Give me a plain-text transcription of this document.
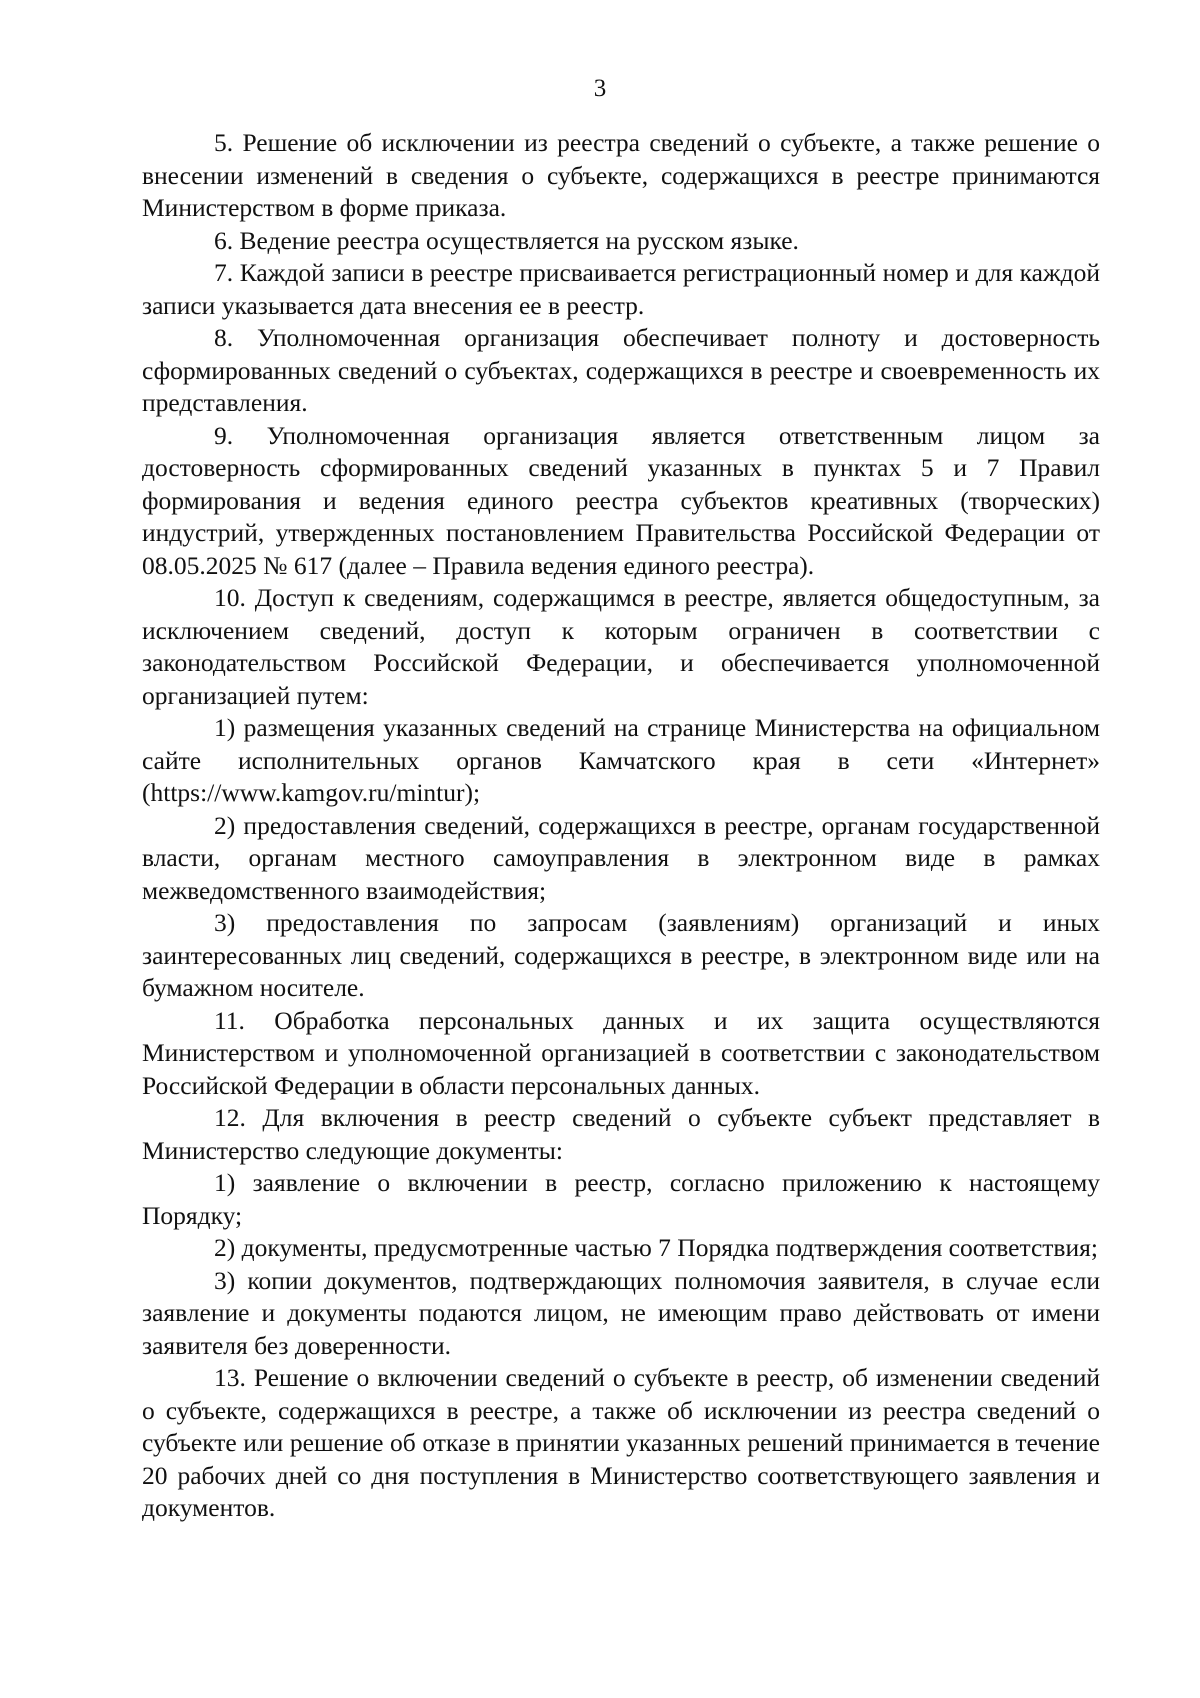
3

5. Решение об исключении из реестра сведений о субъекте, а также решение о внесении изменений в сведения о субъекте, содержащихся в реестре принимаются Министерством в форме приказа.

6. Ведение реестра осуществляется на русском языке.

7. Каждой записи в реестре присваивается регистрационный номер и для каждой записи указывается дата внесения ее в реестр.

8. Уполномоченная организация обеспечивает полноту и достоверность сформированных сведений о субъектах, содержащихся в реестре и своевременность их представления.

9. Уполномоченная организация является ответственным лицом за достоверность сформированных сведений указанных в пунктах 5 и 7 Правил формирования и ведения единого реестра субъектов креативных (творческих) индустрий, утвержденных постановлением Правительства Российской Федерации от 08.05.2025 № 617 (далее – Правила ведения единого реестра).

10. Доступ к сведениям, содержащимся в реестре, является общедоступным, за исключением сведений, доступ к которым ограничен в соответствии с законодательством Российской Федерации, и обеспечивается уполномоченной организацией путем:

1) размещения указанных сведений на странице Министерства на официальном сайте исполнительных органов Камчатского края в сети «Интернет» (https://www.kamgov.ru/mintur);

2) предоставления сведений, содержащихся в реестре, органам государственной власти, органам местного самоуправления в электронном виде в рамках межведомственного взаимодействия;

3) предоставления по запросам (заявлениям) организаций и иных заинтересованных лиц сведений, содержащихся в реестре, в электронном виде или на бумажном носителе.

11. Обработка персональных данных и их защита осуществляются Министерством и уполномоченной организацией в соответствии с законодательством Российской Федерации в области персональных данных.

12. Для включения в реестр сведений о субъекте субъект представляет в Министерство следующие документы:

1) заявление о включении в реестр, согласно приложению к настоящему Порядку;

2) документы, предусмотренные частью 7 Порядка подтверждения соответствия;

3) копии документов, подтверждающих полномочия заявителя, в случае если заявление и документы подаются лицом, не имеющим право действовать от имени заявителя без доверенности.

13. Решение о включении сведений о субъекте в реестр, об изменении сведений о субъекте, содержащихся в реестре, а также об исключении из реестра сведений о субъекте или решение об отказе в принятии указанных решений принимается в течение 20 рабочих дней со дня поступления в Министерство соответствующего заявления и документов.
